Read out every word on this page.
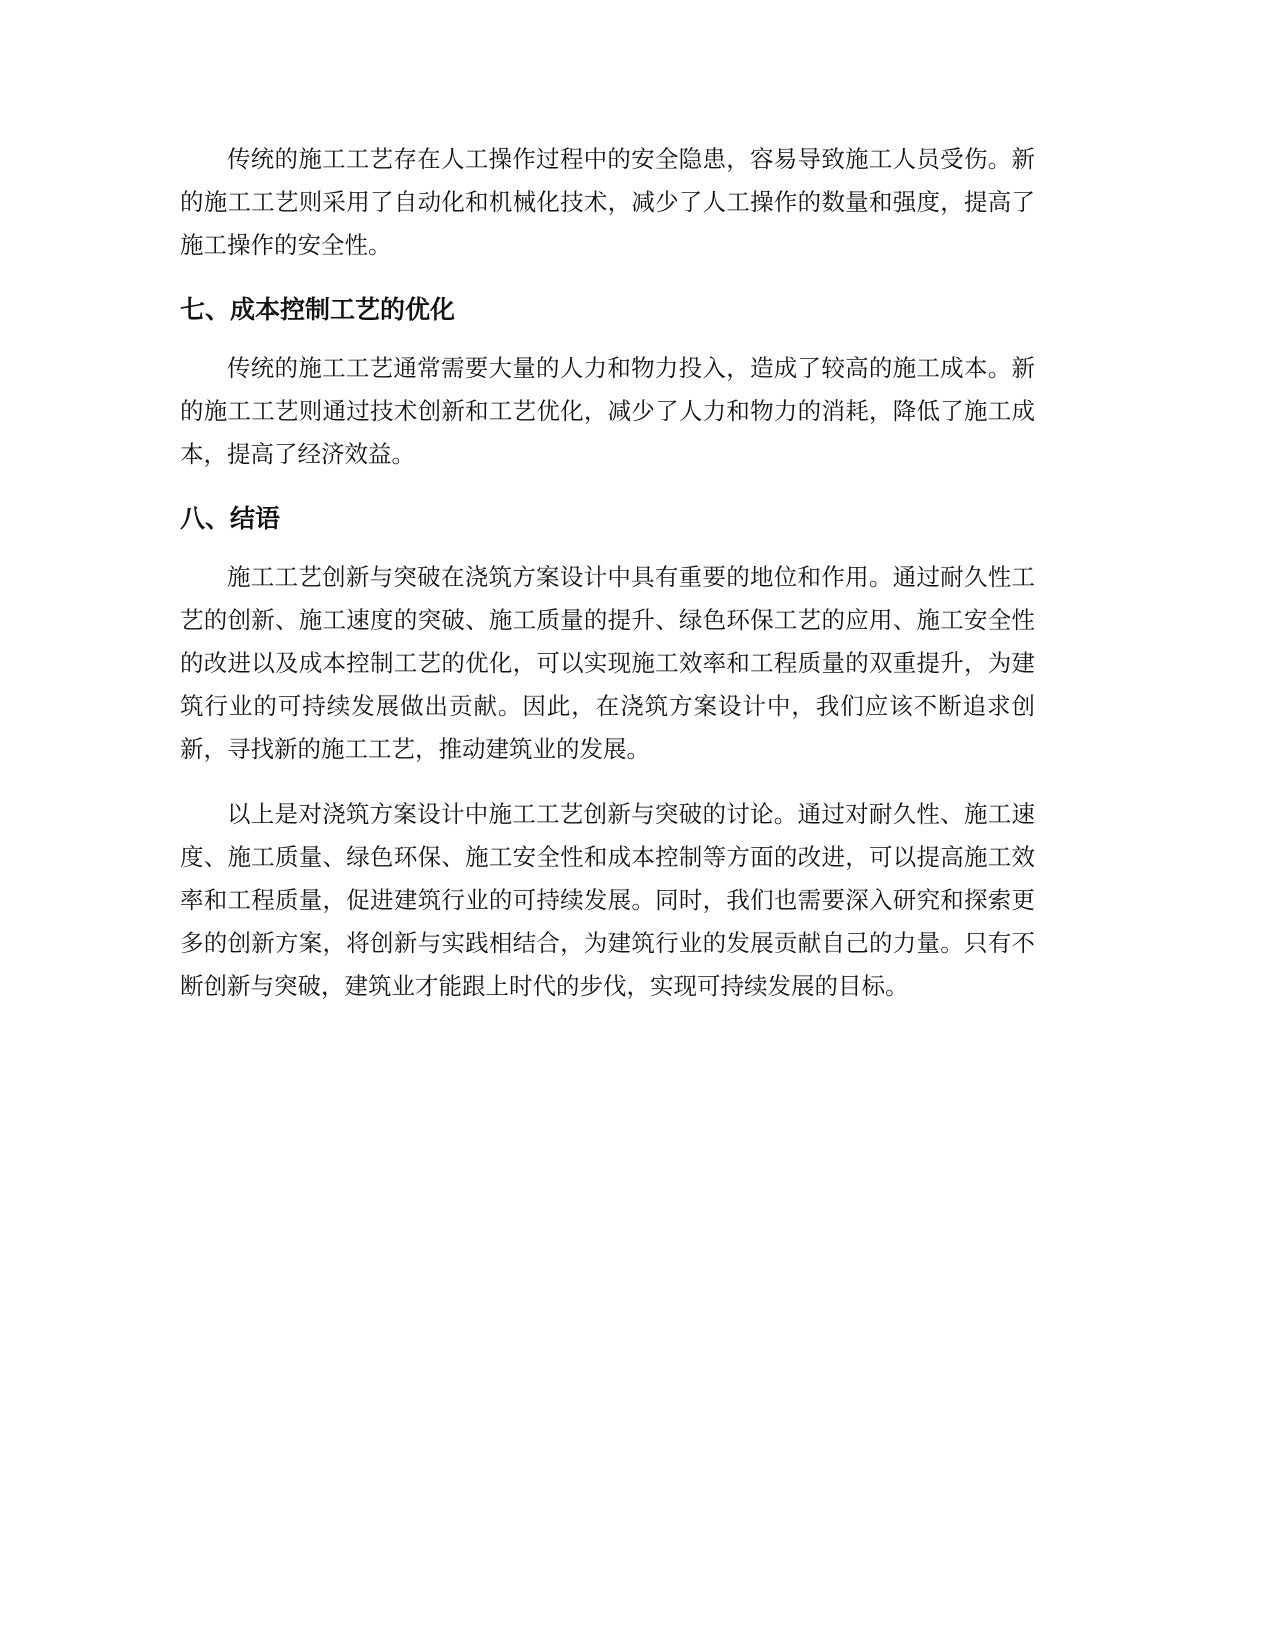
传统的施工工艺存在人工操作过程中的安全隐患，容易导致施工人员受伤。新的施工工艺则采用了自动化和机械化技术，减少了人工操作的数量和强度，提高了施工操作的安全性。

七、成本控制工艺的优化

传统的施工工艺通常需要大量的人力和物力投入，造成了较高的施工成本。新的施工工艺则通过技术创新和工艺优化，减少了人力和物力的消耗，降低了施工成本，提高了经济效益。

八、结语

施工工艺创新与突破在浇筑方案设计中具有重要的地位和作用。通过耐久性工艺的创新、施工速度的突破、施工质量的提升、绿色环保工艺的应用、施工安全性的改进以及成本控制工艺的优化，可以实现施工效率和工程质量的双重提升，为建筑行业的可持续发展做出贡献。因此，在浇筑方案设计中，我们应该不断追求创新，寻找新的施工工艺，推动建筑业的发展。

以上是对浇筑方案设计中施工工艺创新与突破的讨论。通过对耐久性、施工速度、施工质量、绿色环保、施工安全性和成本控制等方面的改进，可以提高施工效率和工程质量，促进建筑行业的可持续发展。同时，我们也需要深入研究和探索更多的创新方案，将创新与实践相结合，为建筑行业的发展贡献自己的力量。只有不断创新与突破，建筑业才能跟上时代的步伐，实现可持续发展的目标。
